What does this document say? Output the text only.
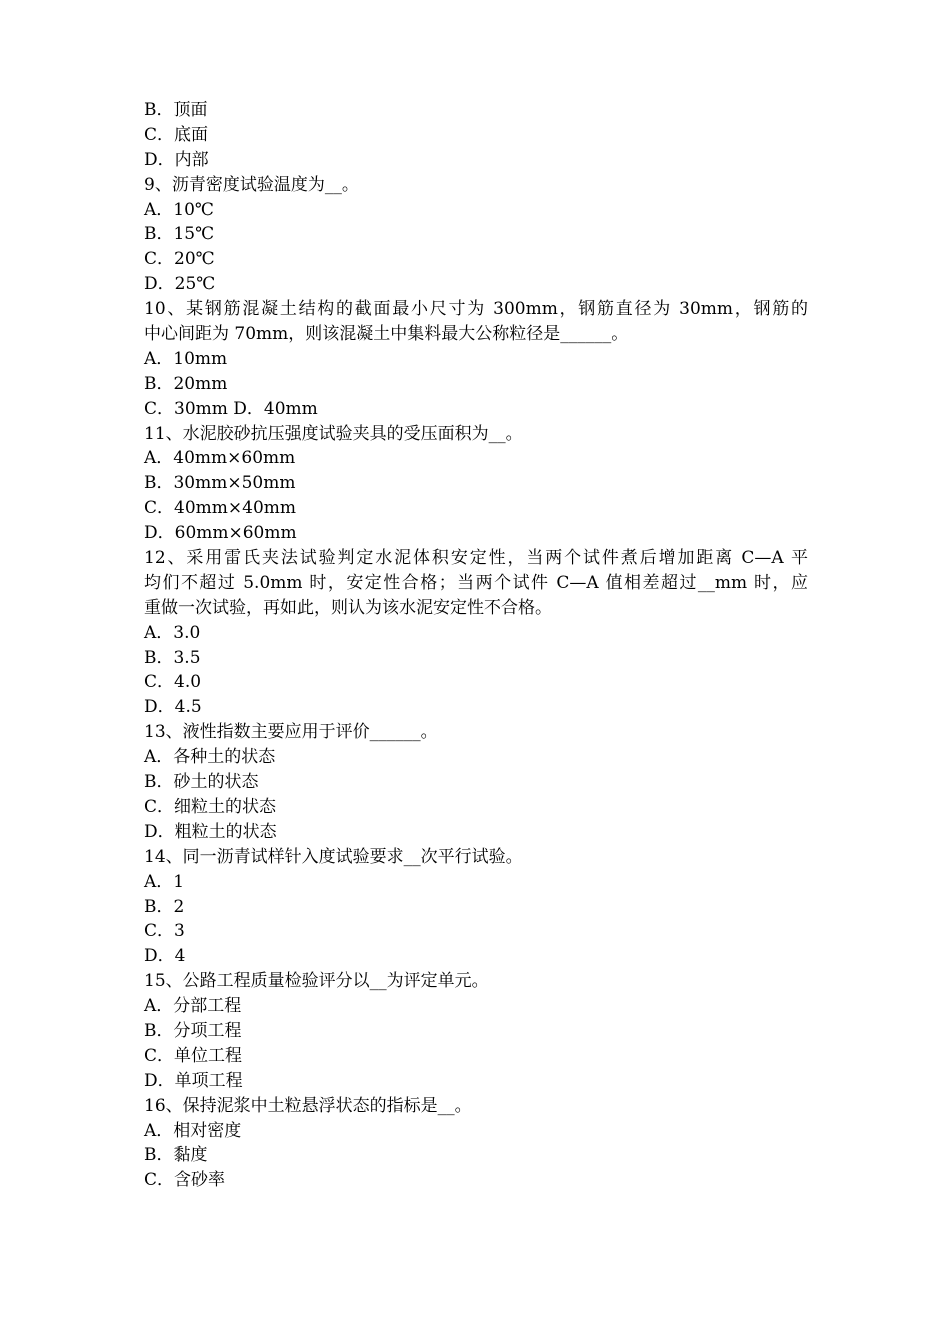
B．顶面
C．底面
D．内部
9、沥青密度试验温度为__。
A．10℃
B．15℃
C．20℃
D．25℃
10、某钢筋混凝土结构的截面最小尺寸为 300mm，钢筋直径为 30mm，钢筋的
中心间距为 70mm，则该混凝土中集料最大公称粒径是______。
A．10mm
B．20mm
C．30mm D．40mm
11、水泥胶砂抗压强度试验夹具的受压面积为__。
A．40mm×60mm
B．30mm×50mm
C．40mm×40mm
D．60mm×60mm
12、采用雷氏夹法试验判定水泥体积安定性，当两个试件煮后增加距离 C—A 平
均们不超过 5.0mm 时，安定性合格；当两个试件 C—A 值相差超过__mm 时，应
重做一次试验，再如此，则认为该水泥安定性不合格。
A．3.0
B．3.5
C．4.0
D．4.5
13、液性指数主要应用于评价______。
A．各种土的状态
B．砂土的状态
C．细粒土的状态
D．粗粒土的状态
14、同一沥青试样针入度试验要求__次平行试验。
A．1
B．2
C．3
D．4
15、公路工程质量检验评分以__为评定单元。
A．分部工程
B．分项工程
C．单位工程
D．单项工程
16、保持泥浆中土粒悬浮状态的指标是__。
A．相对密度
B．黏度
C．含砂率
